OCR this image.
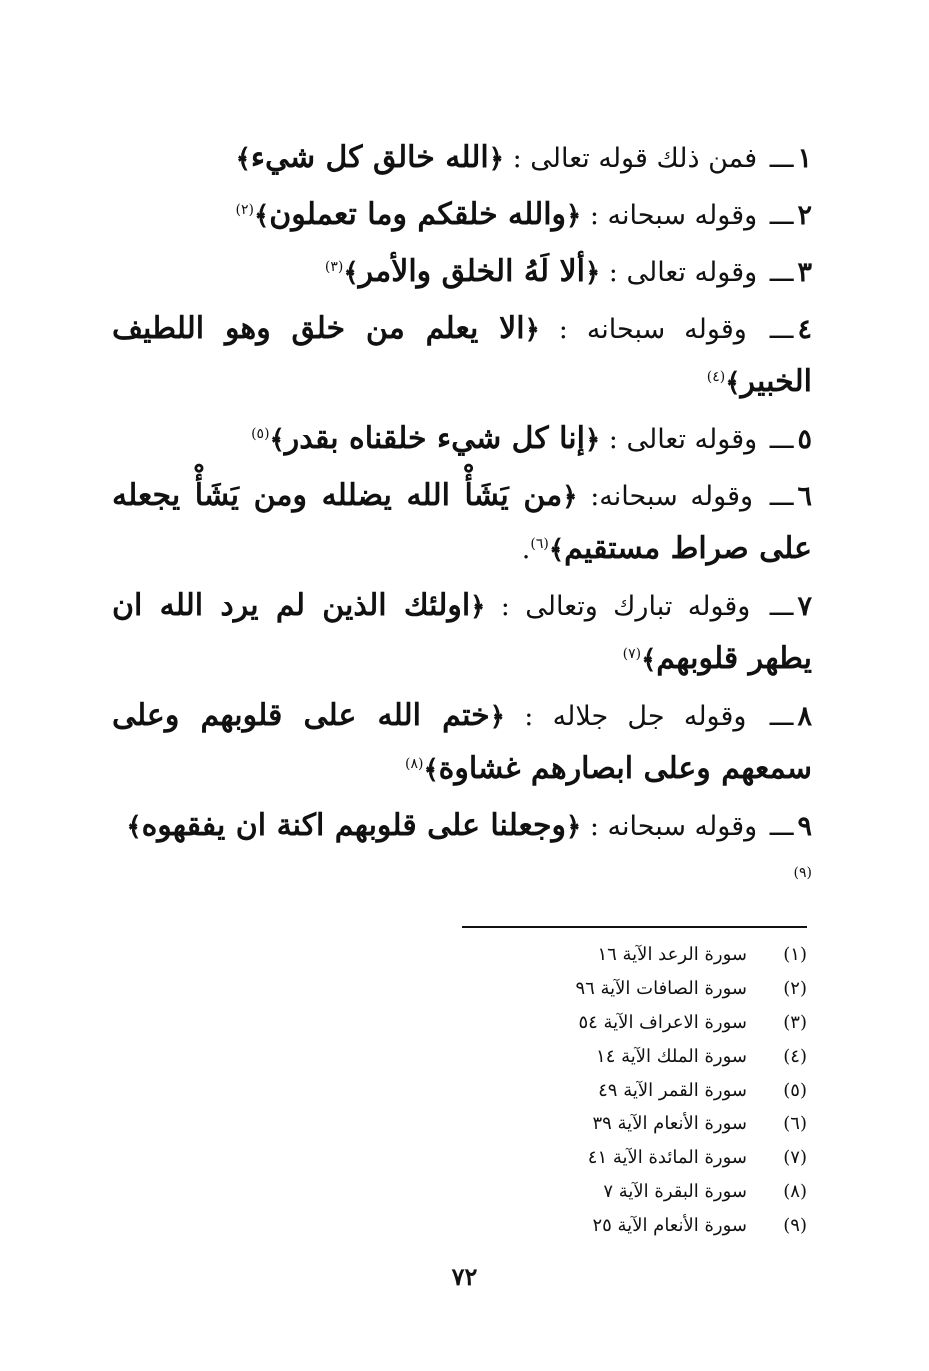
١ـــ فمن ذلك قوله تعالى : ﴿الله خالق كل شيء﴾

٢ـــ وقوله سبحانه : ﴿والله خلقكم وما تعملون﴾$^{(٢)}$

٣ـــ وقوله تعالى : ﴿ألا لَهُ الخلق والأمر﴾$^{(٣)}$

٤ـــ وقوله سبحانه : ﴿الا يعلم من خلق وهو اللطيف الخبير﴾$^{(٤)}$

٥ـــ وقوله تعالى : ﴿إنا كل شيء خلقناه بقدر﴾$^{(٥)}$

٦ـــ وقوله سبحانه: ﴿من يَشَأْ الله يضلله ومن يَشَأْ يجعله على صراط مستقيم﴾$^{(٦)}$.

٧ـــ وقوله تبارك وتعالى : ﴿اولئك الذين لم يرد الله ان يطهر قلوبهم﴾$^{(٧)}$

٨ـــ وقوله جل جلاله : ﴿ختم الله على قلوبهم وعلى سمعهم وعلى ابصارهم غشاوة﴾$^{(٨)}$

٩ـــ وقوله سبحانه : ﴿وجعلنا على قلوبهم اكنة ان يفقهوه﴾$^{(٩)}$

(١)
سورة الرعد الآية ١٦
(٢)
سورة الصافات الآية ٩٦
(٣)
سورة الاعراف الآية ٥٤
(٤)
سورة الملك الآية ١٤
(٥)
سورة القمر الآية ٤٩
(٦)
سورة الأنعام الآية ٣٩
(٧)
سورة المائدة الآية ٤١
(٨)
سورة البقرة الآية ٧
(٩)
سورة الأنعام الآية ٢٥
٧٢
